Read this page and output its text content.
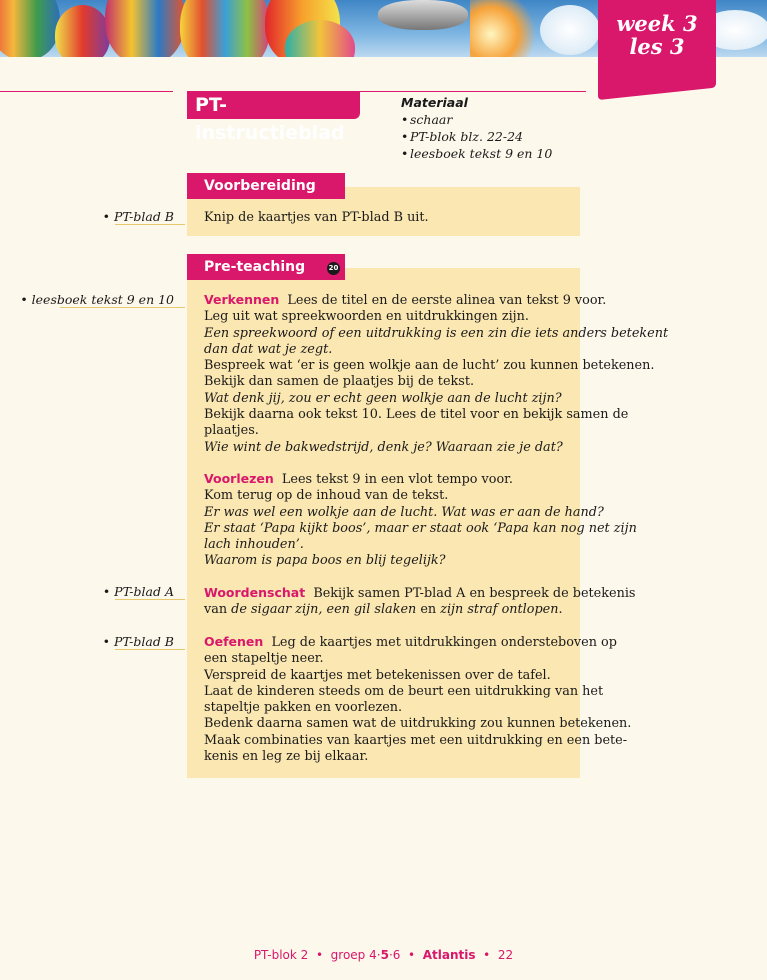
week 3
les 3
PT-instructieblad
Materiaal
• schaar
• PT-blok blz. 22-24
• leesboek tekst 9 en 10
Voorbereiding
• PT-blad B Knip de kaartjes van PT-blad B uit.
Pre-teaching	20
• leesboek tekst 9 en 10 Verkennen Lees de titel en de eerste alinea van tekst 9 voor.
Leg uit wat spreekwoorden en uitdrukkingen zijn.
Een spreekwoord of een uitdrukking is een zin die iets anders betekent
dan dat wat je zegt.
Bespreek wat ‘er is geen wolkje aan de lucht’ zou kunnen betekenen.
Bekijk dan samen de plaatjes bij de tekst.
Wat denk jij, zou er echt geen wolkje aan de lucht zijn?
Bekijk daarna ook tekst 10. Lees de titel voor en bekijk samen de
plaatjes.
Wie wint de bakwedstrijd, denk je? Waaraan zie je dat?
Voorlezen Lees tekst 9 in een vlot tempo voor.
Kom terug op de inhoud van de tekst.
Er was wel een wolkje aan de lucht. Wat was er aan de hand?
Er staat ‘Papa kijkt boos’, maar er staat ook ‘Papa kan nog net zijn
lach inhouden’.
Waarom is papa boos en blij tegelijk?
• PT-blad A Woordenschat Bekijk samen PT-blad A en bespreek de betekenis
van de sigaar zijn, een gil slaken en zijn straf ontlopen.
• PT-blad B Oefenen Leg de kaartjes met uitdrukkingen ondersteboven op
een stapeltje neer.
Verspreid de kaartjes met betekenissen over de tafel.
Laat de kinderen steeds om de beurt een uitdrukking van het
stapeltje pakken en voorlezen.
Bedenk daarna samen wat de uitdrukking zou kunnen betekenen.
Maak combinaties van kaartjes met een uitdrukking en een bete-
kenis en leg ze bij elkaar.
PT-blok 2 • groep 4·5·6 • Atlantis • 22
